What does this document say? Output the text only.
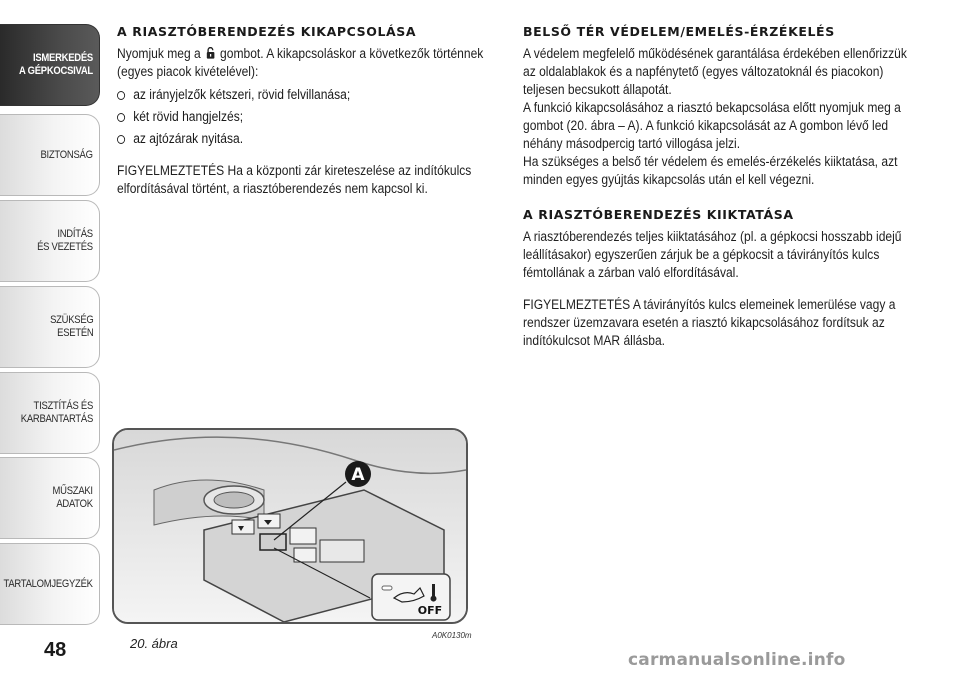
ISMERKEDÉS
A GÉPKOCSIVAL
BIZTONSÁG
INDÍTÁS
ÉS VEZETÉS
SZÜKSÉG
ESETÉN
TISZTÍTÁS ÉS
KARBANTARTÁS
MŰSZAKI
ADATOK
TARTALOMJEGYZÉK
48
A RIASZTÓBERENDEZÉS KIKAPCSOLÁSA

Nyomjuk meg a gombot. A kikapcsoláskor a következők történnek (egyes piacok kivételével):

az irányjelzők kétszeri, rövid felvillanása;
két rövid hangjelzés;
az ajtózárak nyitása.

FIGYELMEZTETÉS Ha a központi zár kireteszelése az indítókulcs elfordításával történt, a riasztóberendezés nem kapcsol ki.

BELSŐ TÉR VÉDELEM/EMELÉS-ÉRZÉKELÉS

A védelem megfelelő működésének garantálása érdekében ellenőrizzük az oldalablakok és a napfénytető (egyes változatoknál és piacokon) teljesen becsukott állapotát.

A funkció kikapcsolásához a riasztó bekapcsolása előtt nyomjuk meg a gombot (20. ábra – A). A funkció kikapcsolását az A gombon lévő led néhány másodpercig tartó villogása jelzi.

Ha szükséges a belső tér védelem és emelés-érzékelés kiiktatása, azt minden egyes gyújtás kikapcsolás után el kell végezni.

A RIASZTÓBERENDEZÉS KIIKTATÁSA

A riasztóberendezés teljes kiiktatásához (pl. a gépkocsi hosszabb idejű leállításakor) egyszerűen zárjuk be a gépkocsit a távirányítós kulcs fémtollának a zárban való elfordításával.

FIGYELMEZTETÉS A távirányítós kulcs elemeinek lemerülése vagy a rendszer üzemzavara esetén a riasztó kikapcsolásához fordítsuk az indítókulcsot MAR állásba.

A
OFF
20. ábra
A0K0130m
carmanualsonline.info
